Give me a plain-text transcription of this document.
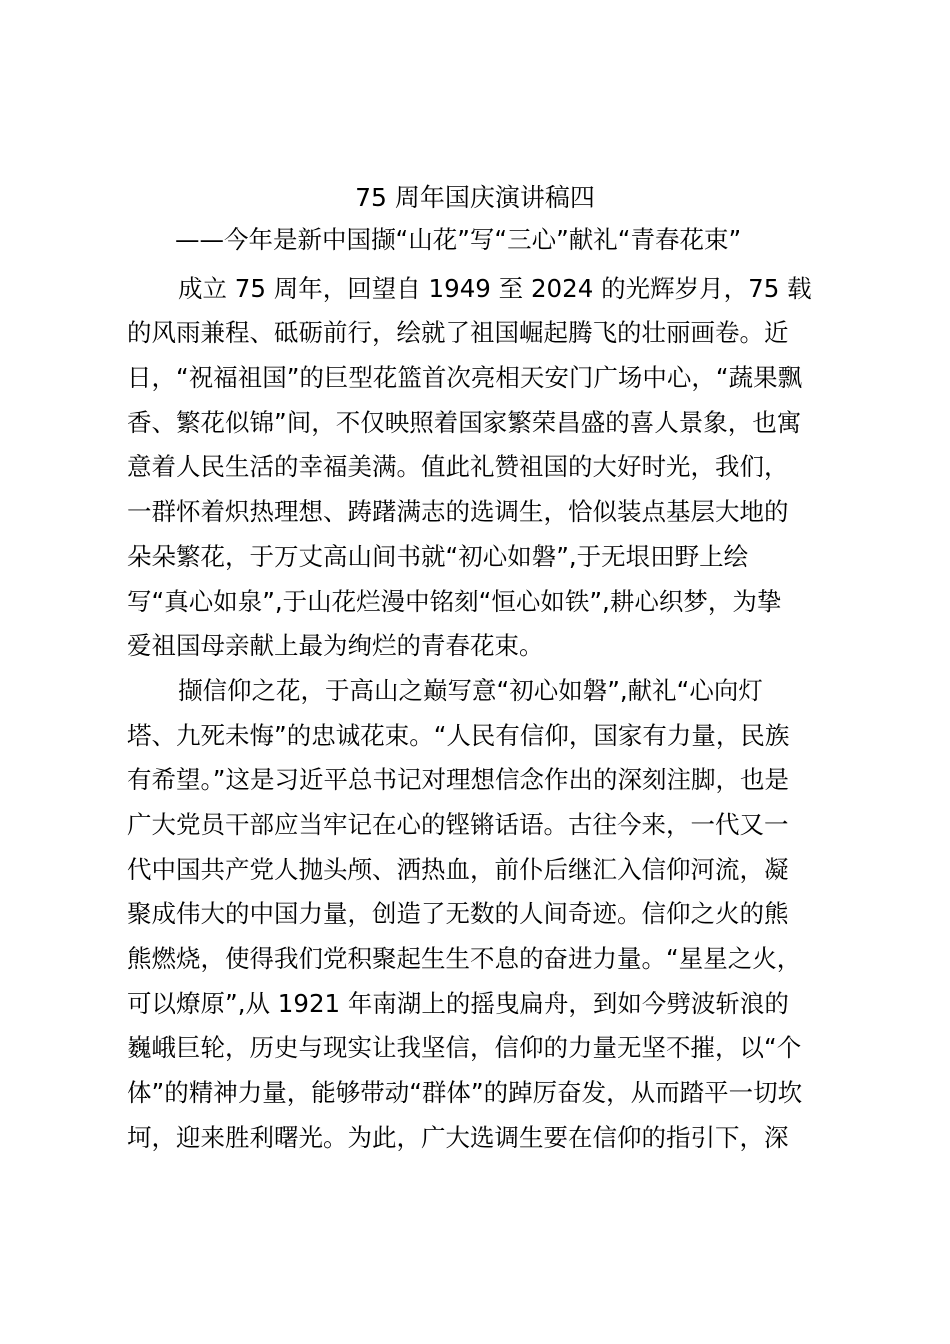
75 周年国庆演讲稿四
——今年是新中国撷“山花”写“三心”献礼“青春花束”
成立 75 周年，回望自 1949 至 2024 的光辉岁月，75 载
的风雨兼程、砥砺前行，绘就了祖国崛起腾飞的壮丽画卷。近
日，“祝福祖国”的巨型花篮首次亮相天安门广场中心，“蔬果飘
香、繁花似锦”间，不仅映照着国家繁荣昌盛的喜人景象，也寓
意着人民生活的幸福美满。值此礼赞祖国的大好时光，我们，
一群怀着炽热理想、踌躇满志的选调生，恰似装点基层大地的
朵朵繁花，于万丈高山间书就“初心如磐”,于无垠田野上绘
写“真心如泉”,于山花烂漫中铭刻“恒心如铁”,耕心织梦，为挚
爱祖国母亲献上最为绚烂的青春花束。
撷信仰之花，于高山之巅写意“初心如磐”,献礼“心向灯
塔、九死未悔”的忠诚花束。“人民有信仰，国家有力量，民族
有希望。”这是习近平总书记对理想信念作出的深刻注脚，也是
广大党员干部应当牢记在心的铿锵话语。古往今来，一代又一
代中国共产党人抛头颅、洒热血，前仆后继汇入信仰河流，凝
聚成伟大的中国力量，创造了无数的人间奇迹。信仰之火的熊
熊燃烧，使得我们党积聚起生生不息的奋进力量。“星星之火，
可以燎原”,从 1921 年南湖上的摇曳扁舟，到如今劈波斩浪的
巍峨巨轮，历史与现实让我坚信，信仰的力量无坚不摧，以“个
体”的精神力量，能够带动“群体”的踔厉奋发，从而踏平一切坎
坷，迎来胜利曙光。为此，广大选调生要在信仰的指引下，深
